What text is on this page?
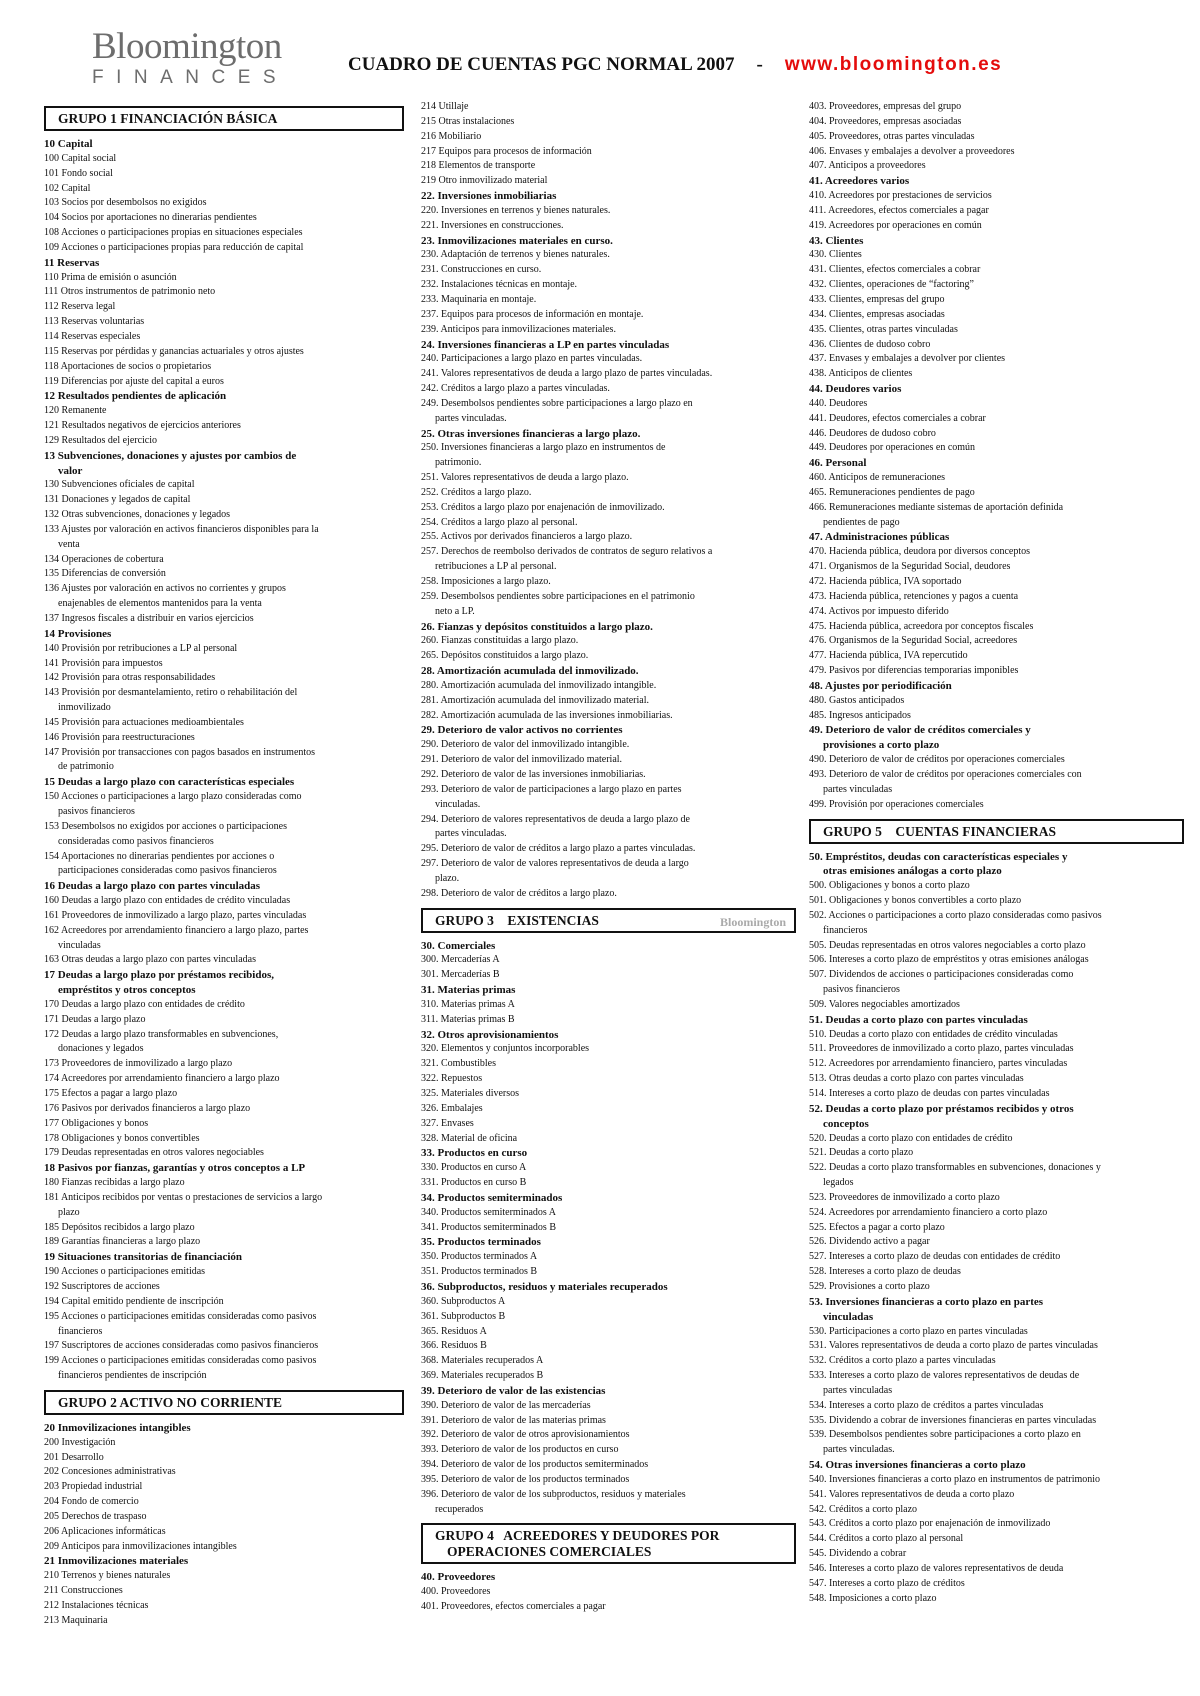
Bloomington
FINANCES
CUADRO DE CUENTAS PGC NORMAL 2007 - www.bloomington.es
GRUPO 1 FINANCIACIÓN BÁSICA
10 Capital
100 Capital social
101 Fondo social
102 Capital
103 Socios por desembolsos no exigidos
104 Socios por aportaciones no dinerarias pendientes
108 Acciones o participaciones propias en situaciones especiales
109 Acciones o participaciones propias para reducción de capital
11 Reservas
110 Prima de emisión o asunción
111 Otros instrumentos de patrimonio neto
112 Reserva legal
113 Reservas voluntarias
114 Reservas especiales
115 Reservas por pérdidas y ganancias actuariales y otros ajustes
118 Aportaciones de socios o propietarios
119 Diferencias por ajuste del capital a euros
12 Resultados pendientes de aplicación
120 Remanente
121 Resultados negativos de ejercicios anteriores
129 Resultados del ejercicio
13 Subvenciones, donaciones y ajustes por cambios de
valor
130 Subvenciones oficiales de capital
131 Donaciones y legados de capital
132 Otras subvenciones, donaciones y legados
133 Ajustes por valoración en activos financieros disponibles para la
venta
134 Operaciones de cobertura
135 Diferencias de conversión
136 Ajustes por valoración en activos no corrientes y grupos
enajenables de elementos mantenidos para la venta
137 Ingresos fiscales a distribuir en varios ejercicios
14 Provisiones
140 Provisión por retribuciones a LP al personal
141 Provisión para impuestos
142 Provisión para otras responsabilidades
143 Provisión por desmantelamiento, retiro o rehabilitación del
inmovilizado
145 Provisión para actuaciones medioambientales
146 Provisión para reestructuraciones
147 Provisión por transacciones con pagos basados en instrumentos
de patrimonio
15 Deudas a largo plazo con características especiales
150 Acciones o participaciones a largo plazo consideradas como
pasivos financieros
153 Desembolsos no exigidos por acciones o participaciones
consideradas como pasivos financieros
154 Aportaciones no dinerarias pendientes por acciones o
participaciones consideradas como pasivos financieros
16 Deudas a largo plazo con partes vinculadas
160 Deudas a largo plazo con entidades de crédito vinculadas
161 Proveedores de inmovilizado a largo plazo, partes vinculadas
162 Acreedores por arrendamiento financiero a largo plazo, partes
vinculadas
163 Otras deudas a largo plazo con partes vinculadas
17 Deudas a largo plazo por préstamos recibidos,
empréstitos y otros conceptos
170 Deudas a largo plazo con entidades de crédito
171 Deudas a largo plazo
172 Deudas a largo plazo transformables en subvenciones,
donaciones y legados
173 Proveedores de inmovilizado a largo plazo
174 Acreedores por arrendamiento financiero a largo plazo
175 Efectos a pagar a largo plazo
176 Pasivos por derivados financieros a largo plazo
177 Obligaciones y bonos
178 Obligaciones y bonos convertibles
179 Deudas representadas en otros valores negociables
18 Pasivos por fianzas, garantías y otros conceptos a LP
180 Fianzas recibidas a largo plazo
181 Anticipos recibidos por ventas o prestaciones de servicios a largo
plazo
185 Depósitos recibidos a largo plazo
189 Garantías financieras a largo plazo
19 Situaciones transitorias de financiación
190 Acciones o participaciones emitidas
192 Suscriptores de acciones
194 Capital emitido pendiente de inscripción
195 Acciones o participaciones emitidas consideradas como pasivos
financieros
197 Suscriptores de acciones consideradas como pasivos financieros
199 Acciones o participaciones emitidas consideradas como pasivos
financieros pendientes de inscripción
GRUPO 2 ACTIVO NO CORRIENTE
20 Inmovilizaciones intangibles
200 Investigación
201 Desarrollo
202 Concesiones administrativas
203 Propiedad industrial
204 Fondo de comercio
205 Derechos de traspaso
206 Aplicaciones informáticas
209 Anticipos para inmovilizaciones intangibles
21 Inmovilizaciones materiales
210 Terrenos y bienes naturales
211 Construcciones
212 Instalaciones técnicas
213 Maquinaria
214 Utillaje
215 Otras instalaciones
216 Mobiliario
217 Equipos para procesos de información
218 Elementos de transporte
219 Otro inmovilizado material
22. Inversiones inmobiliarias
220. Inversiones en terrenos y bienes naturales.
221. Inversiones en construcciones.
23. Inmovilizaciones materiales en curso.
230. Adaptación de terrenos y bienes naturales.
231. Construcciones en curso.
232. Instalaciones técnicas en montaje.
233. Maquinaria en montaje.
237. Equipos para procesos de información en montaje.
239. Anticipos para inmovilizaciones materiales.
24. Inversiones financieras a LP en partes vinculadas
240. Participaciones a largo plazo en partes vinculadas.
241. Valores representativos de deuda a largo plazo de partes vinculadas.
242. Créditos a largo plazo a partes vinculadas.
249. Desembolsos pendientes sobre participaciones a largo plazo en
partes vinculadas.
25. Otras inversiones financieras a largo plazo.
250. Inversiones financieras a largo plazo en instrumentos de
patrimonio.
251. Valores representativos de deuda a largo plazo.
252. Créditos a largo plazo.
253. Créditos a largo plazo por enajenación de inmovilizado.
254. Créditos a largo plazo al personal.
255. Activos por derivados financieros a largo plazo.
257. Derechos de reembolso derivados de contratos de seguro relativos a
retribuciones a LP al personal.
258. Imposiciones a largo plazo.
259. Desembolsos pendientes sobre participaciones en el patrimonio
neto a LP.
26. Fianzas y depósitos constituidos a largo plazo.
260. Fianzas constituidas a largo plazo.
265. Depósitos constituidos a largo plazo.
28. Amortización acumulada del inmovilizado.
280. Amortización acumulada del inmovilizado intangible.
281. Amortización acumulada del inmovilizado material.
282. Amortización acumulada de las inversiones inmobiliarias.
29. Deterioro de valor activos no corrientes
290. Deterioro de valor del inmovilizado intangible.
291. Deterioro de valor del inmovilizado material.
292. Deterioro de valor de las inversiones inmobiliarias.
293. Deterioro de valor de participaciones a largo plazo en partes
vinculadas.
294. Deterioro de valores representativos de deuda a largo plazo de
partes vinculadas.
295. Deterioro de valor de créditos a largo plazo a partes vinculadas.
297. Deterioro de valor de valores representativos de deuda a largo
plazo.
298. Deterioro de valor de créditos a largo plazo.
GRUPO 3    EXISTENCIAS	Bloomington
30. Comerciales
300. Mercaderías A
301. Mercaderías B
31. Materias primas
310. Materias primas A
311. Materias primas B
32. Otros aprovisionamientos
320. Elementos y conjuntos incorporables
321. Combustibles
322. Repuestos
325. Materiales diversos
326. Embalajes
327. Envases
328. Material de oficina
33. Productos en curso
330. Productos en curso A
331. Productos en curso B
34. Productos semiterminados
340. Productos semiterminados A
341. Productos semiterminados B
35. Productos terminados
350. Productos terminados A
351. Productos terminados B
36. Subproductos, residuos y materiales recuperados
360. Subproductos A
361. Subproductos B
365. Residuos A
366. Residuos B
368. Materiales recuperados A
369. Materiales recuperados B
39. Deterioro de valor de las existencias
390. Deterioro de valor de las mercaderías
391. Deterioro de valor de las materias primas
392. Deterioro de valor de otros aprovisionamientos
393. Deterioro de valor de los productos en curso
394. Deterioro de valor de los productos semiterminados
395. Deterioro de valor de los productos terminados
396. Deterioro de valor de los subproductos, residuos y materiales
recuperados
GRUPO 4   ACREEDORES Y DEUDORES POR
OPERACIONES COMERCIALES
40. Proveedores
400. Proveedores
401. Proveedores, efectos comerciales a pagar
403. Proveedores, empresas del grupo
404. Proveedores, empresas asociadas
405. Proveedores, otras partes vinculadas
406. Envases y embalajes a devolver a proveedores
407. Anticipos a proveedores
41. Acreedores varios
410. Acreedores por prestaciones de servicios
411. Acreedores, efectos comerciales a pagar
419. Acreedores por operaciones en común
43. Clientes
430. Clientes
431. Clientes, efectos comerciales a cobrar
432. Clientes, operaciones de “factoring”
433. Clientes, empresas del grupo
434. Clientes, empresas asociadas
435. Clientes, otras partes vinculadas
436. Clientes de dudoso cobro
437. Envases y embalajes a devolver por clientes
438. Anticipos de clientes
44. Deudores varios
440. Deudores
441. Deudores, efectos comerciales a cobrar
446. Deudores de dudoso cobro
449. Deudores por operaciones en común
46. Personal
460. Anticipos de remuneraciones
465. Remuneraciones pendientes de pago
466. Remuneraciones mediante sistemas de aportación definida
pendientes de pago
47. Administraciones públicas
470. Hacienda pública, deudora por diversos conceptos
471. Organismos de la Seguridad Social, deudores
472. Hacienda pública, IVA soportado
473. Hacienda pública, retenciones y pagos a cuenta
474. Activos por impuesto diferido
475. Hacienda pública, acreedora por conceptos fiscales
476. Organismos de la Seguridad Social, acreedores
477. Hacienda pública, IVA repercutido
479. Pasivos por diferencias temporarias imponibles
48. Ajustes por periodificación
480. Gastos anticipados
485. Ingresos anticipados
49. Deterioro de valor de créditos comerciales y
provisiones a corto plazo
490. Deterioro de valor de créditos por operaciones comerciales
493. Deterioro de valor de créditos por operaciones comerciales con
partes vinculadas
499. Provisión por operaciones comerciales
GRUPO 5    CUENTAS FINANCIERAS
50. Empréstitos, deudas con características especiales y
otras emisiones análogas a corto plazo
500. Obligaciones y bonos a corto plazo
501. Obligaciones y bonos convertibles a corto plazo
502. Acciones o participaciones a corto plazo consideradas como pasivos
financieros
505. Deudas representadas en otros valores negociables a corto plazo
506. Intereses a corto plazo de empréstitos y otras emisiones análogas
507. Dividendos de acciones o participaciones consideradas como
pasivos financieros
509. Valores negociables amortizados
51. Deudas a corto plazo con partes vinculadas
510. Deudas a corto plazo con entidades de crédito vinculadas
511. Proveedores de inmovilizado a corto plazo, partes vinculadas
512. Acreedores por arrendamiento financiero, partes vinculadas
513. Otras deudas a corto plazo con partes vinculadas
514. Intereses a corto plazo de deudas con partes vinculadas
52. Deudas a corto plazo por préstamos recibidos y otros
conceptos
520. Deudas a corto plazo con entidades de crédito
521. Deudas a corto plazo
522. Deudas a corto plazo transformables en subvenciones, donaciones y
legados
523. Proveedores de inmovilizado a corto plazo
524. Acreedores por arrendamiento financiero a corto plazo
525. Efectos a pagar a corto plazo
526. Dividendo activo a pagar
527. Intereses a corto plazo de deudas con entidades de crédito
528. Intereses a corto plazo de deudas
529. Provisiones a corto plazo
53. Inversiones financieras a corto plazo en partes
vinculadas
530. Participaciones a corto plazo en partes vinculadas
531. Valores representativos de deuda a corto plazo de partes vinculadas
532. Créditos a corto plazo a partes vinculadas
533. Intereses a corto plazo de valores representativos de deudas de
partes vinculadas
534. Intereses a corto plazo de créditos a partes vinculadas
535. Dividendo a cobrar de inversiones financieras en partes vinculadas
539. Desembolsos pendientes sobre participaciones a corto plazo en
partes vinculadas.
54. Otras inversiones financieras a corto plazo
540. Inversiones financieras a corto plazo en instrumentos de patrimonio
541. Valores representativos de deuda a corto plazo
542. Créditos a corto plazo
543. Créditos a corto plazo por enajenación de inmovilizado
544. Créditos a corto plazo al personal
545. Dividendo a cobrar
546. Intereses a corto plazo de valores representativos de deuda
547. Intereses a corto plazo de créditos
548. Imposiciones a corto plazo
